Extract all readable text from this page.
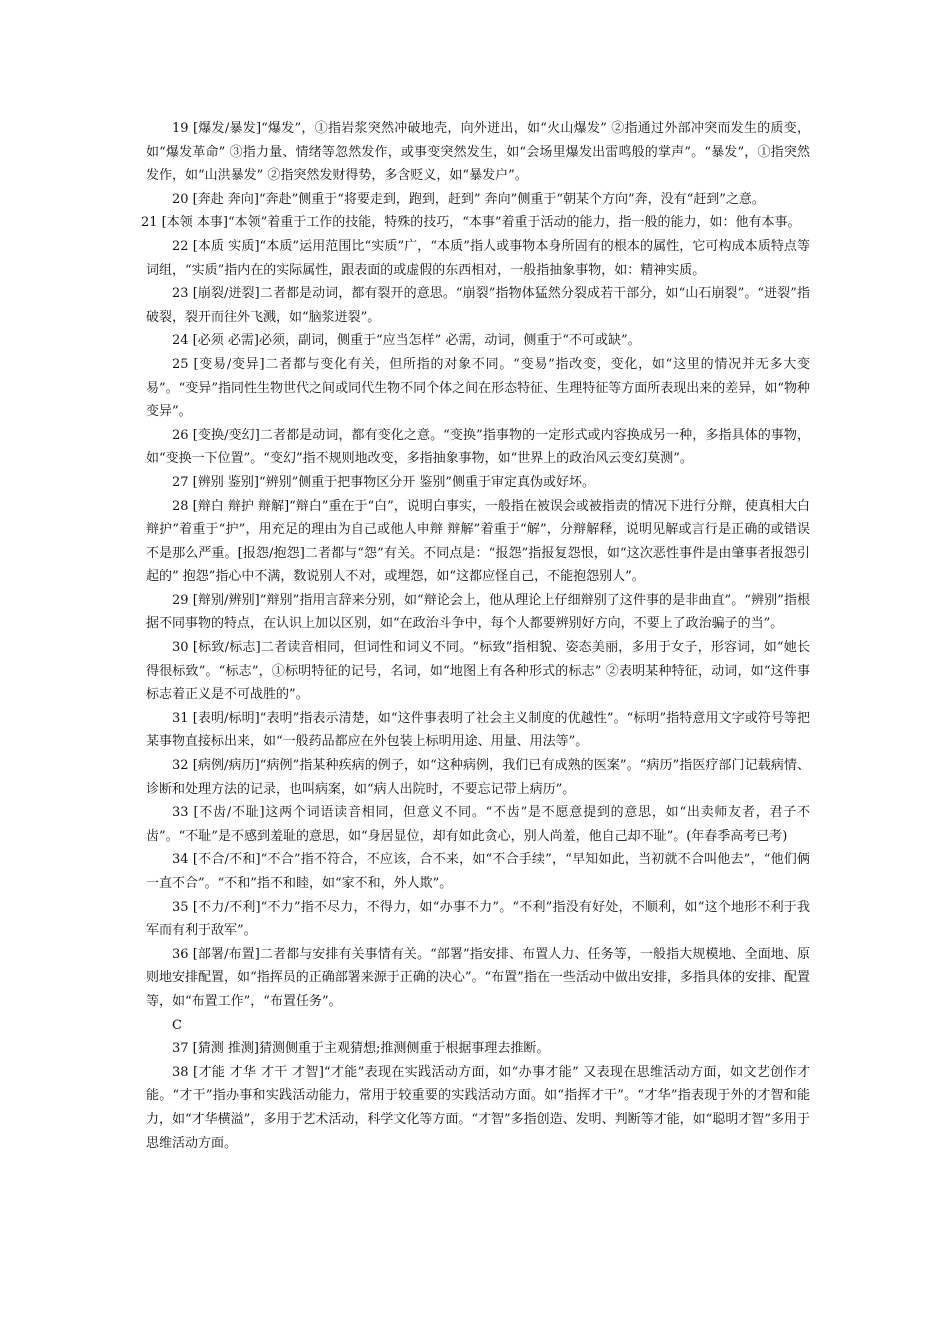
19 [爆发/暴发]“爆发”，①指岩浆突然冲破地壳，向外迸出，如“火山爆发” ②指通过外部冲突而发生的质变，如“爆发革命” ③指力量、情绪等忽然发作，或事变突然发生，如“会场里爆发出雷鸣般的掌声”。“暴发”，①指突然发作，如“山洪暴发” ②指突然发财得势，多含贬义，如“暴发户”。

20 [奔赴 奔向]“奔赴”侧重于“将要走到，跑到，赶到” 奔向”侧重于“朝某个方向”奔，没有“赶到”之意。

21 [本领 本事]“本领”着重于工作的技能，特殊的技巧，“本事”着重于活动的能力，指一般的能力，如：他有本事。

22 [本质 实质]“本质”运用范围比“实质”广，“本质”指人或事物本身所固有的根本的属性，它可构成本质特点等词组，“实质”指内在的实际属性，跟表面的或虚假的东西相对，一般指抽象事物，如：精神实质。

23 [崩裂/迸裂]二者都是动词，都有裂开的意思。“崩裂”指物体猛然分裂成若干部分，如“山石崩裂”。“迸裂”指破裂，裂开而往外飞溅，如“脑浆迸裂”。

24 [必须 必需]必须，副词，侧重于“应当怎样” 必需，动词，侧重于“不可或缺”。

25 [变易/变异]二者都与变化有关，但所指的对象不同。“变易”指改变，变化，如“这里的情况并无多大变易”。“变异”指同性生物世代之间或同代生物不同个体之间在形态特征、生理特征等方面所表现出来的差异，如“物种变异”。

26 [变换/变幻]二者都是动词，都有变化之意。“变换”指事物的一定形式或内容换成另一种，多指具体的事物，如“变换一下位置”。“变幻”指不规则地改变，多指抽象事物，如“世界上的政治风云变幻莫测”。

27 [辨别 鉴别]“辨别”侧重于把事物区分开 鉴别”侧重于审定真伪或好坏。

28 [辩白 辩护 辩解]“辩白”重在于“白”，说明白事实，一般指在被误会或被指责的情况下进行分辩，使真相大白 辩护”着重于“护”，用充足的理由为自己或他人申辩 辩解”着重于“解”，分辩解释，说明见解或言行是正确的或错误不是那么严重。[报怨/抱怨]二者都与“怨”有关。不同点是：“报怨”指报复怨恨，如“这次恶性事件是由肇事者报怨引起的” 抱怨”指心中不满，数说别人不对，或埋怨，如“这都应怪自己，不能抱怨别人”。

29 [辩别/辨别]“辩别”指用言辞来分别，如“辩论会上，他从理论上仔细辩别了这件事的是非曲直”。“辨别”指根据不同事物的特点，在认识上加以区别，如“在政治斗争中，每个人都要辨别好方向，不要上了政治骗子的当”。

30 [标致/标志]二者读音相同，但词性和词义不同。“标致”指相貌、姿态美丽，多用于女子，形容词，如“她长得很标致”。“标志”，①标明特征的记号，名词，如“地图上有各种形式的标志” ②表明某种特征，动词，如“这件事标志着正义是不可战胜的”。

31 [表明/标明]“表明”指表示清楚，如“这件事表明了社会主义制度的优越性”。“标明”指特意用文字或符号等把某事物直接标出来，如“一般药品都应在外包装上标明用途、用量、用法等”。

32 [病例/病历]“病例”指某种疾病的例子，如“这种病例，我们已有成熟的医案”。“病历”指医疗部门记载病情、诊断和处理方法的记录，也叫病案，如“病人出院时，不要忘记带上病历”。

33 [不齿/不耻]这两个词语读音相同，但意义不同。“不齿”是不愿意提到的意思，如“出卖师友者，君子不齿”。“不耻”是不感到羞耻的意思，如“身居显位，却有如此贪心，别人尚羞，他自己却不耻”。(年春季高考已考)

34 [不合/不和]“不合”指不符合，不应该，合不来，如“不合手续”，“早知如此，当初就不合叫他去”，“他们俩一直不合”。“不和”指不和睦，如“家不和，外人欺”。

35 [不力/不利]“不力”指不尽力，不得力，如“办事不力”。“不利”指没有好处，不顺利，如“这个地形不利于我军而有利于敌军”。

36 [部署/布置]二者都与安排有关事情有关。“部署”指安排、布置人力、任务等，一般指大规模地、全面地、原则地安排配置，如“指挥员的正确部署来源于正确的决心”。“布置”指在一些活动中做出安排，多指具体的安排、配置等，如“布置工作”，“布置任务”。

C

37 [猜测 推测]猜测侧重于主观猜想;推测侧重于根据事理去推断。

38 [才能 才华 才干 才智]“才能”表现在实践活动方面，如“办事才能” 又表现在思维活动方面，如文艺创作才能。“才干”指办事和实践活动能力，常用于较重要的实践活动方面。如“指挥才干”。“才华”指表现于外的才智和能力，如“才华横溢”，多用于艺术活动，科学文化等方面。“才智”多指创造、发明、判断等才能，如“聪明才智”多用于思维活动方面。
